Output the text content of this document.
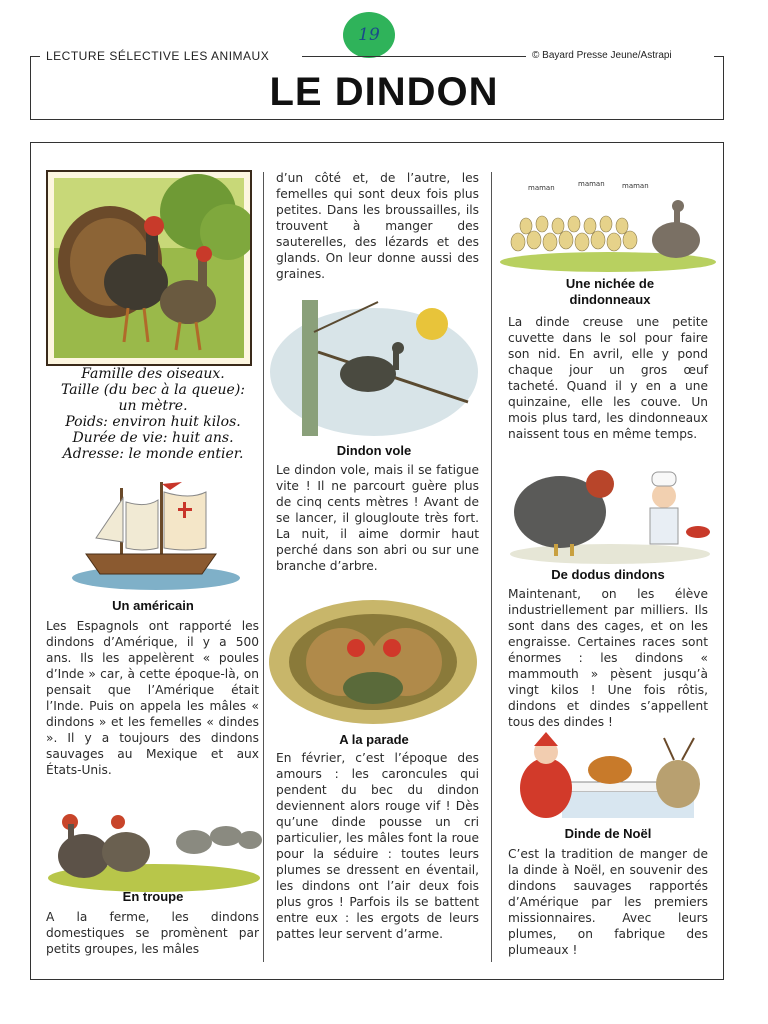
19
LECTURE SÉLECTIVE LES ANIMAUX	© Bayard Presse Jeune/Astrapi
LE DINDON
Famille des oiseaux.
Taille (du bec à la queue):
un mètre.
Poids: environ huit kilos.
Durée de vie: huit ans.
Adresse: le monde entier.
Un américain

Les Espagnols ont rapporté les dindons d’Amérique, il y a 500 ans. Ils les appelèrent « poules d’Inde » car, à cette époque-là, on pensait que l’Amérique était l’Inde. Puis on appela les mâles « dindons » et les femelles « dindes ». Il y a toujours des dindons sauvages au Mexique et aux États-Unis.

En troupe

A la ferme, les dindons domestiques se promènent par petits groupes, les mâles

d’un côté et, de l’autre, les femelles qui sont deux fois plus petites. Dans les broussailles, ils trouvent à manger des sauterelles, des lézards et des glands. On leur donne aussi des graines.

Dindon vole

Le dindon vole, mais il se fatigue vite ! Il ne parcourt guère plus de cinq cents mètres ! Avant de se lancer, il glougloute très fort. La nuit, il aime dormir haut perché dans son abri ou sur une branche d’arbre.

A la parade

En février, c’est l’époque des amours : les caroncules qui pendent du bec du dindon deviennent alors rouge vif ! Dès qu’une dinde pousse un cri particulier, les mâles font la roue pour la séduire : toutes leurs plumes se dressent en éventail, les dindons ont l’air deux fois plus gros ! Parfois ils se battent entre eux : les ergots de leurs pattes leur servent d’arme.

maman	maman maman
Une nichée de dindonneaux

La dinde creuse une petite cuvette dans le sol pour faire son nid. En avril, elle y pond chaque jour un gros œuf tacheté. Quand il y en a une quinzaine, elle les couve. Un mois plus tard, les dindonneaux naissent tous en même temps.

De dodus dindons

Maintenant, on les élève industriellement par milliers. Ils sont dans des cages, et on les engraisse. Certaines races sont énormes : les dindons « mammouth » pèsent jusqu’à vingt kilos ! Une fois rôtis, dindons et dindes s’appellent tous des dindes !

Dinde de Noël

C’est la tradition de manger de la dinde à Noël, en souvenir des dindons sauvages rapportés d’Amérique par les premiers missionnaires. Avec leurs plumes, on fabrique des plumeaux !
